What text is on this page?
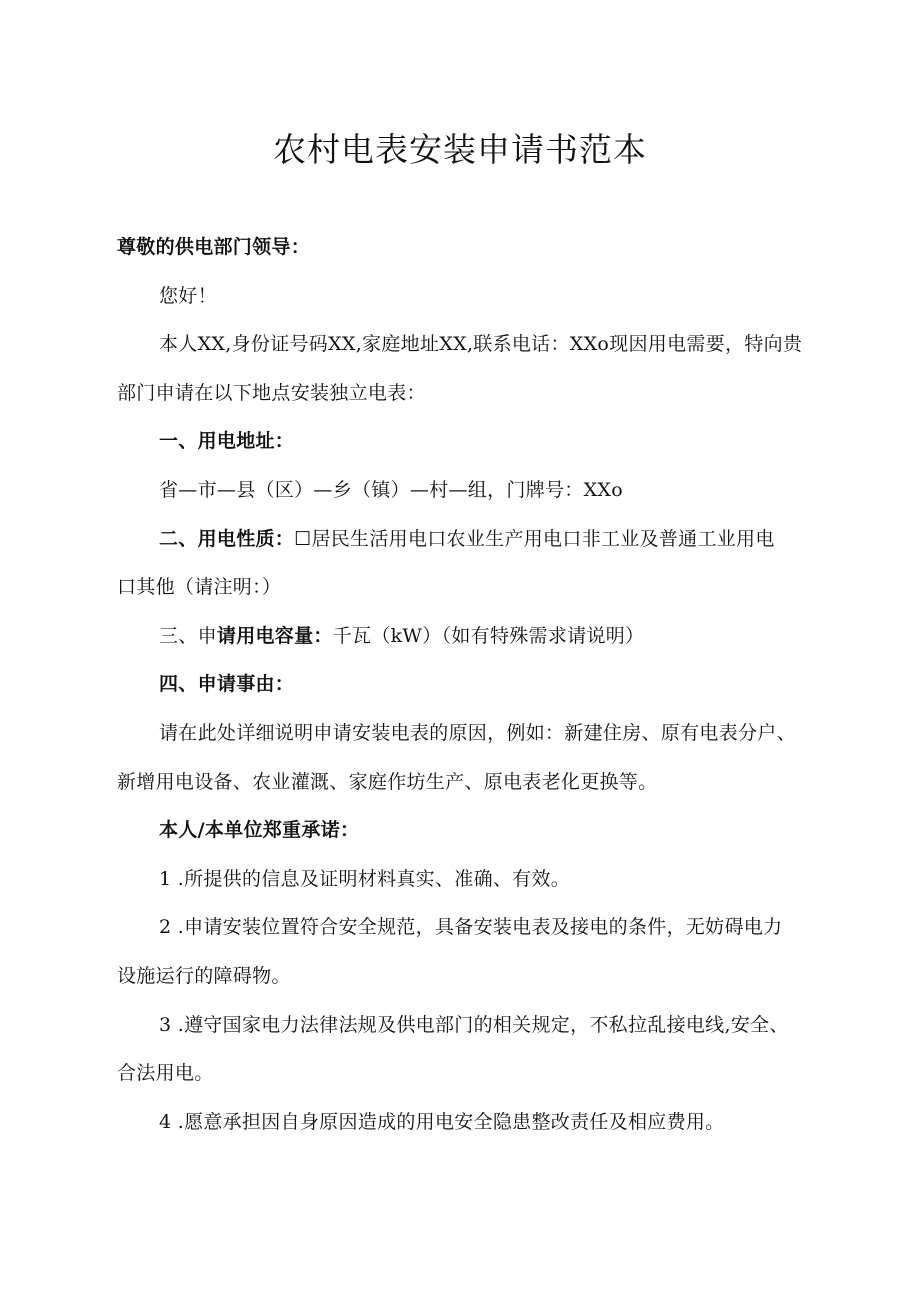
农村电表安装申请书范本

尊敬的供电部门领导：

您好！

本人XX,身份证号码XX,家庭地址XX,联系电话：XXo现因用电需要，特向贵

部门申请在以下地点安装独立电表：

一、用电地址：

省—市—县（区）—乡（镇）—村—组，门牌号：XXo

二、用电性质：☐居民生活用电口农业生产用电口非工业及普通工业用电

口其他（请注明：）

三、申请用电容量：千瓦（kW）（如有特殊需求请说明）

四、申请事由：

请在此处详细说明申请安装电表的原因，例如：新建住房、原有电表分户、

新增用电设备、农业灌溉、家庭作坊生产、原电表老化更换等。

本人/本单位郑重承诺：

1 .所提供的信息及证明材料真实、准确、有效。

2 .申请安装位置符合安全规范，具备安装电表及接电的条件，无妨碍电力

设施运行的障碍物。

3 .遵守国家电力法律法规及供电部门的相关规定，不私拉乱接电线,安全、

合法用电。

4 .愿意承担因自身原因造成的用电安全隐患整改责任及相应费用。
